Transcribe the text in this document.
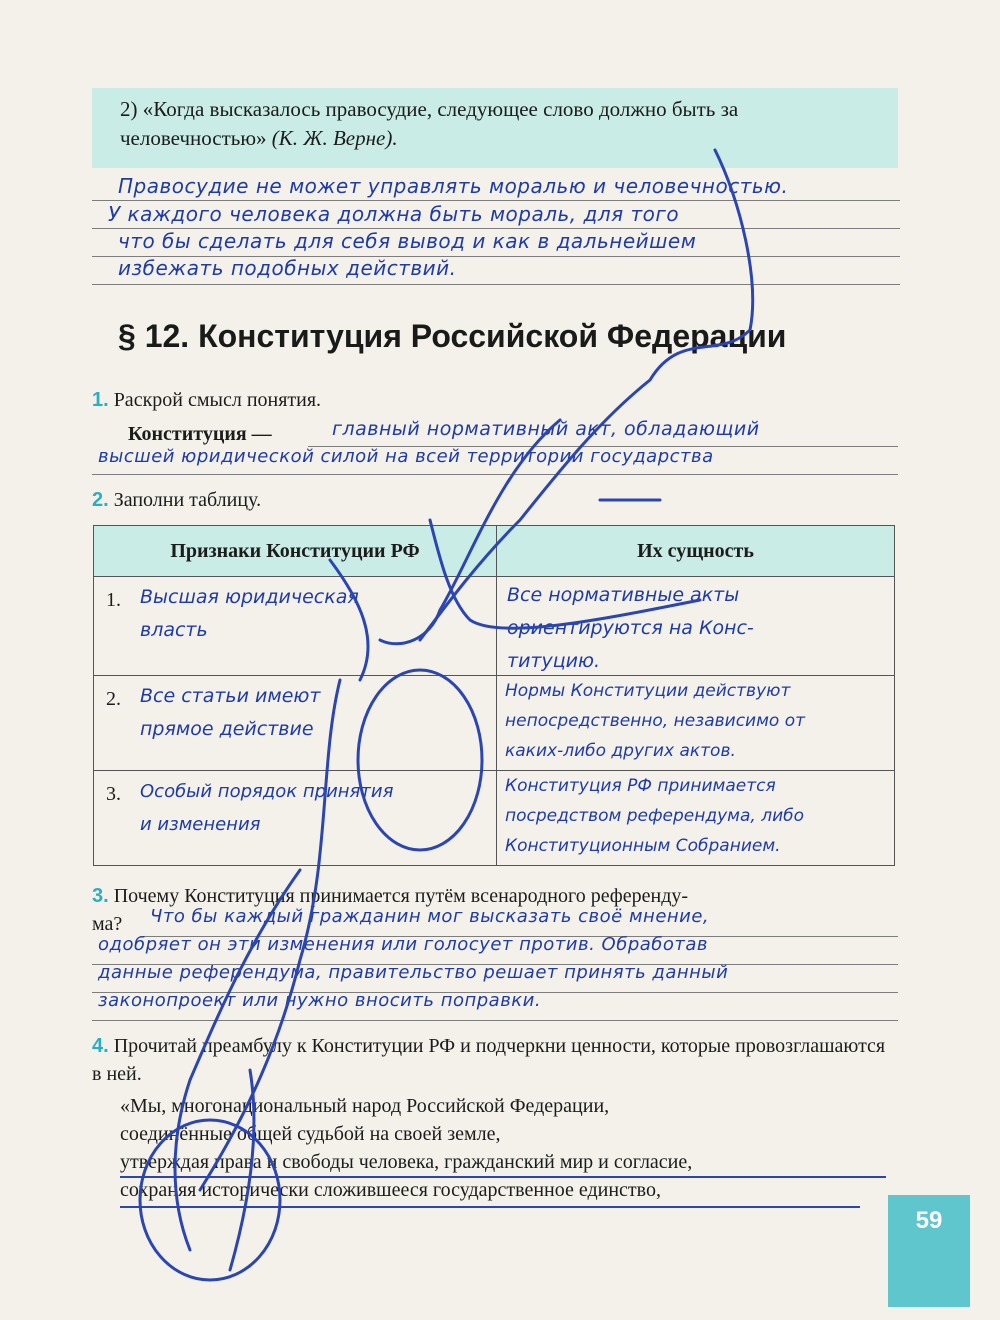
2) «Когда высказалось правосудие, следующее слово должно быть за человечностью» (К. Ж. Верне).

Правосудие не может управлять моралью и человечностью.

У каждого человека должна быть мораль, для того

что бы сделать для себя вывод и как в дальнейшем

избежать подобных действий.

§ 12. Конституция Российской Федерации

1. Раскрой смысл понятия.

Конституция —	главный нормативный акт, обладающий

высшей юридической силой на всей территории государства

2. Заполни таблицу.

Признаки Конституции РФ	Их сущность

1. Высшая юридическая
власть	Все нормативные акты
ориентируются на Конс-
титуцию.

2. Все статьи имеют
прямое действие	Нормы Конституции действуют
непосредственно, независимо от
каких-либо других актов.

3. Особый порядок принятия
и изменения	Конституция РФ принимается
посредством референдума, либо
Конституционным Собранием.

3. Почему Конституция принимается путём всенародного референду-

ма? Что бы каждый гражданин мог высказать своё мнение,

одобряет он эти изменения или голосует против. Обработав

данные референдума, правительство решает принять данный

законопроект или нужно вносить поправки.

4. Прочитай преамбулу к Конституции РФ и подчеркни ценности, которые провозглашаются в ней.

«Мы, многонациональный народ Российской Федерации,
соединённые общей судьбой на своей земле,
утверждая права и свободы человека, гражданский мир и согласие,
сохраняя исторически сложившееся государственное единство,

59
